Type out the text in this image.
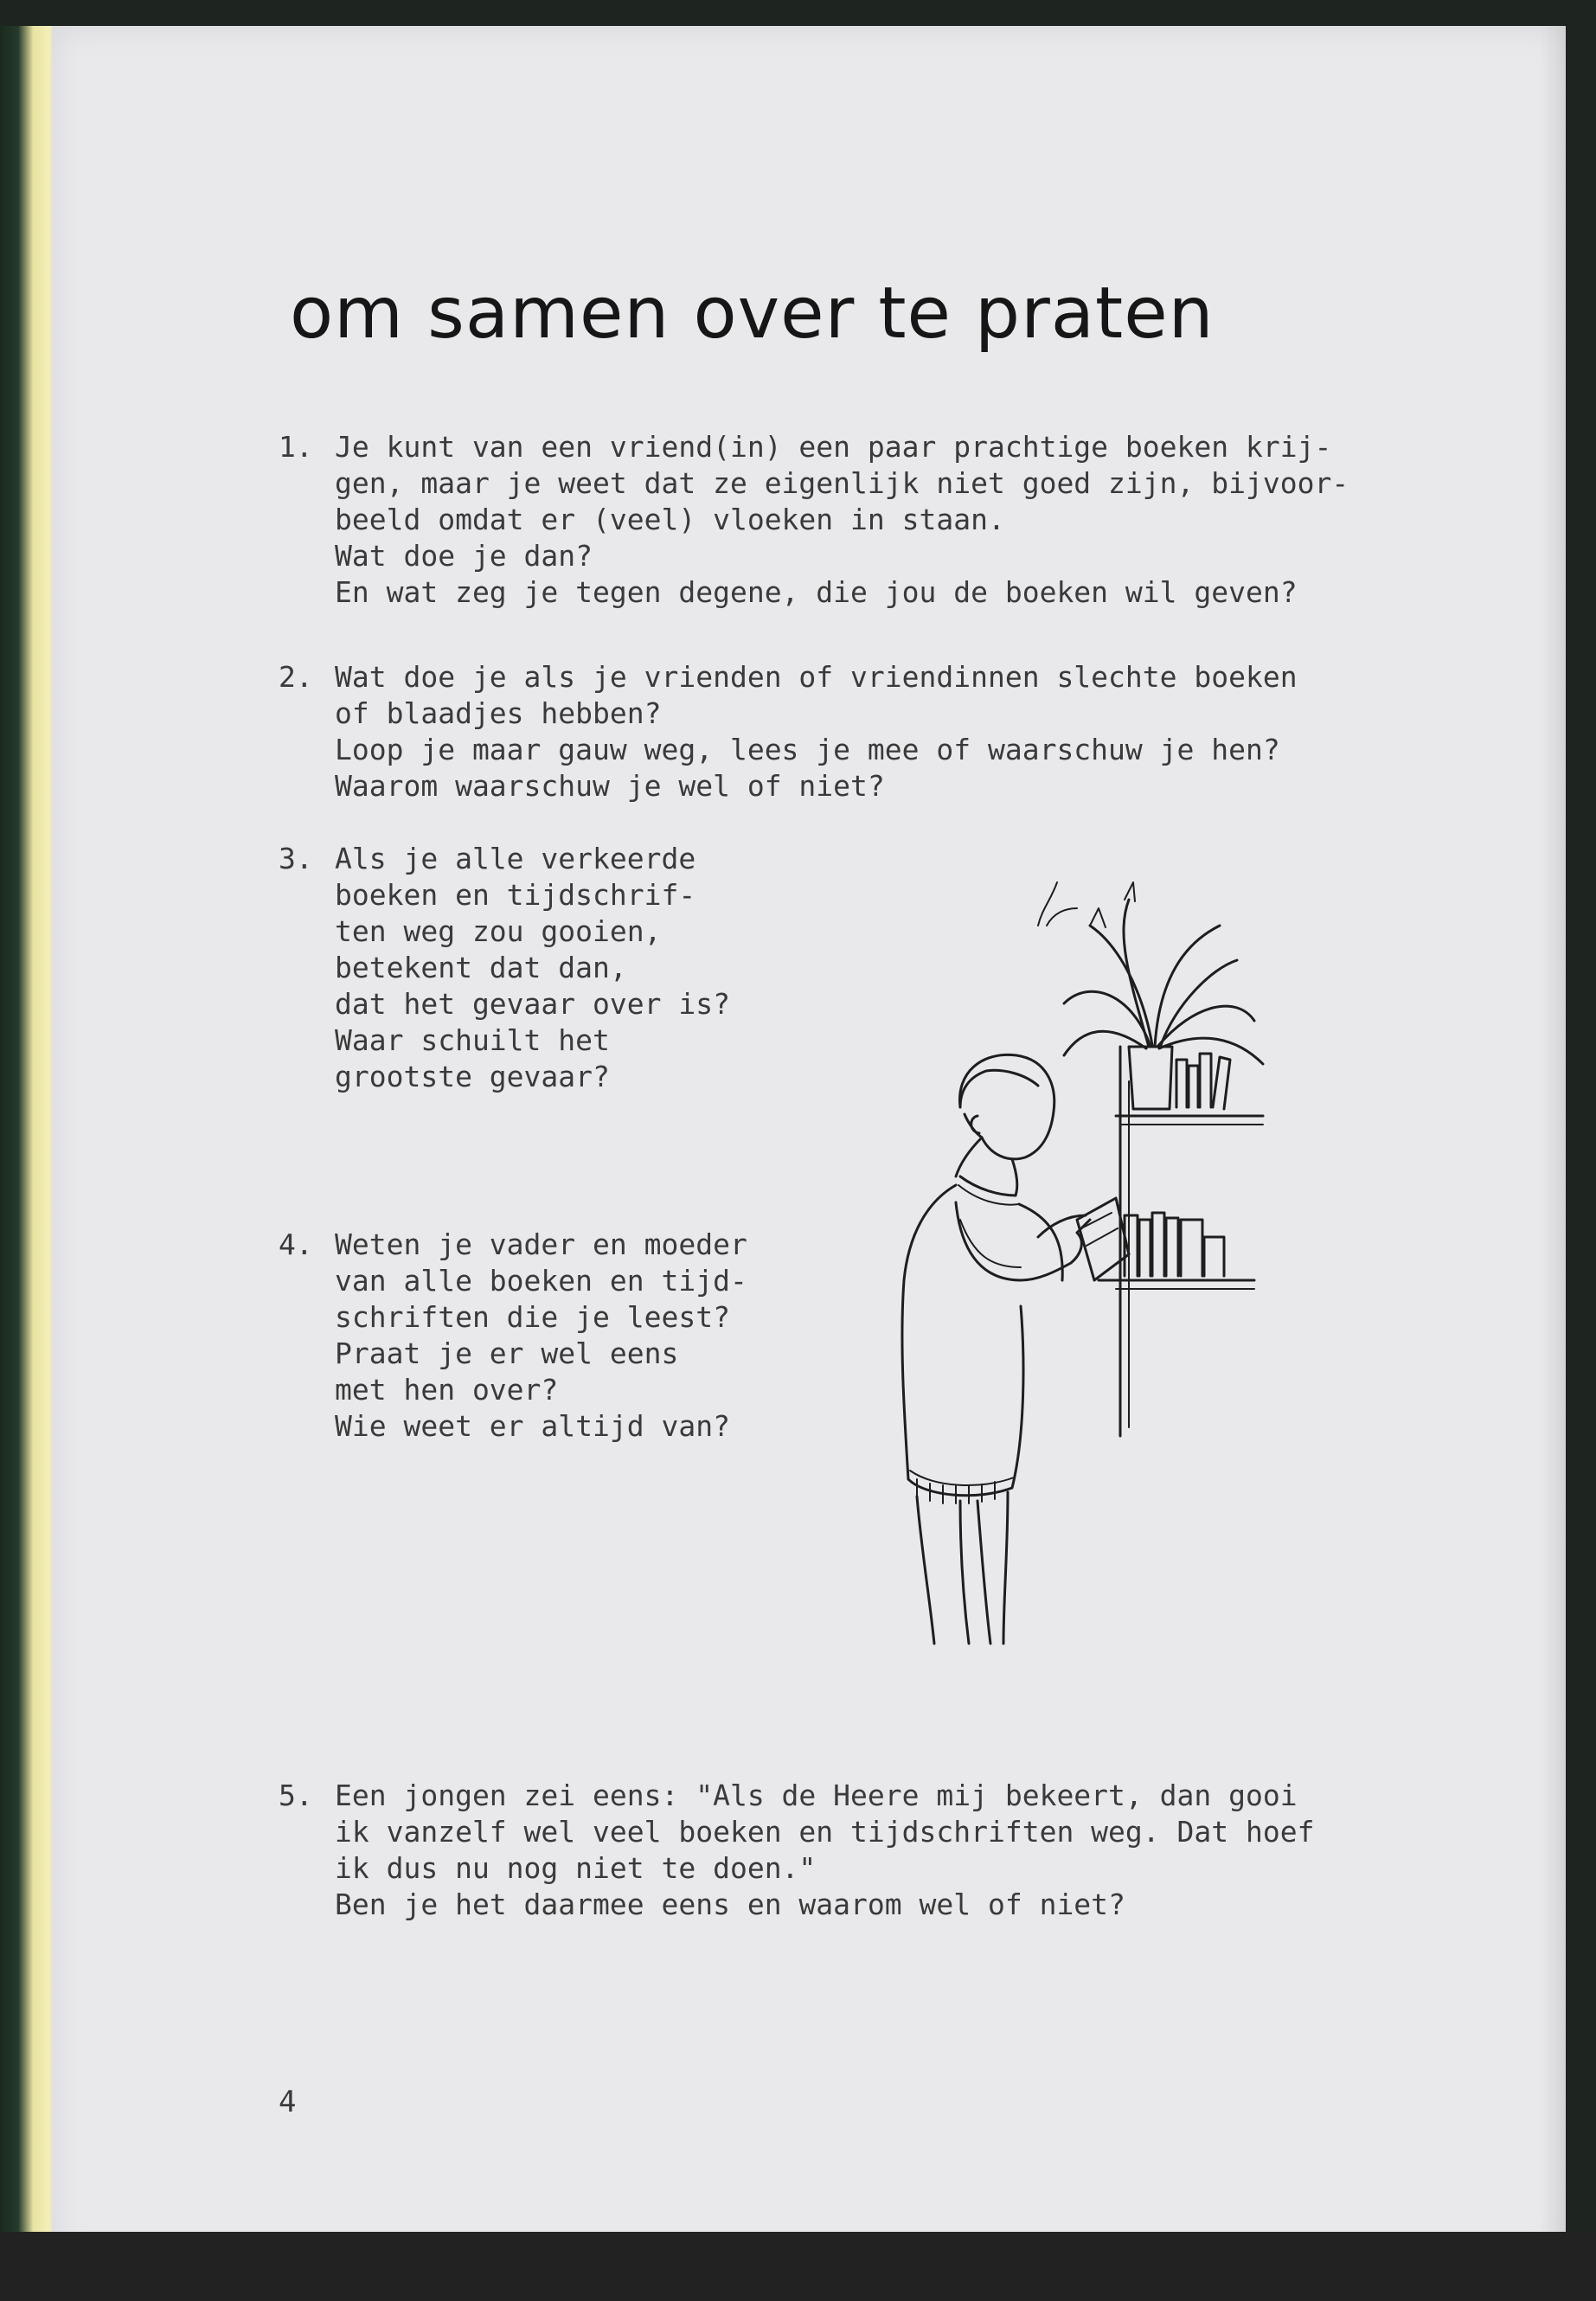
om samen over te praten
1. Je kunt van een vriend(in) een paar prachtige boeken krij-
gen, maar je weet dat ze eigenlijk niet goed zijn, bijvoor-
beeld omdat er (veel) vloeken in staan.
Wat doe je dan?
En wat zeg je tegen degene, die jou de boeken wil geven?
2. Wat doe je als je vrienden of vriendinnen slechte boeken
of blaadjes hebben?
Loop je maar gauw weg, lees je mee of waarschuw je hen?
Waarom waarschuw je wel of niet?
3. Als je alle verkeerde
boeken en tijdschrif-
ten weg zou gooien,
betekent dat dan,
dat het gevaar over is?
Waar schuilt het
grootste gevaar?
4. Weten je vader en moeder
van alle boeken en tijd-
schriften die je leest?
Praat je er wel eens
met hen over?
Wie weet er altijd van?
5. Een jongen zei eens: "Als de Heere mij bekeert, dan gooi
ik vanzelf wel veel boeken en tijdschriften weg. Dat hoef
ik dus nu nog niet te doen."
Ben je het daarmee eens en waarom wel of niet?
4
